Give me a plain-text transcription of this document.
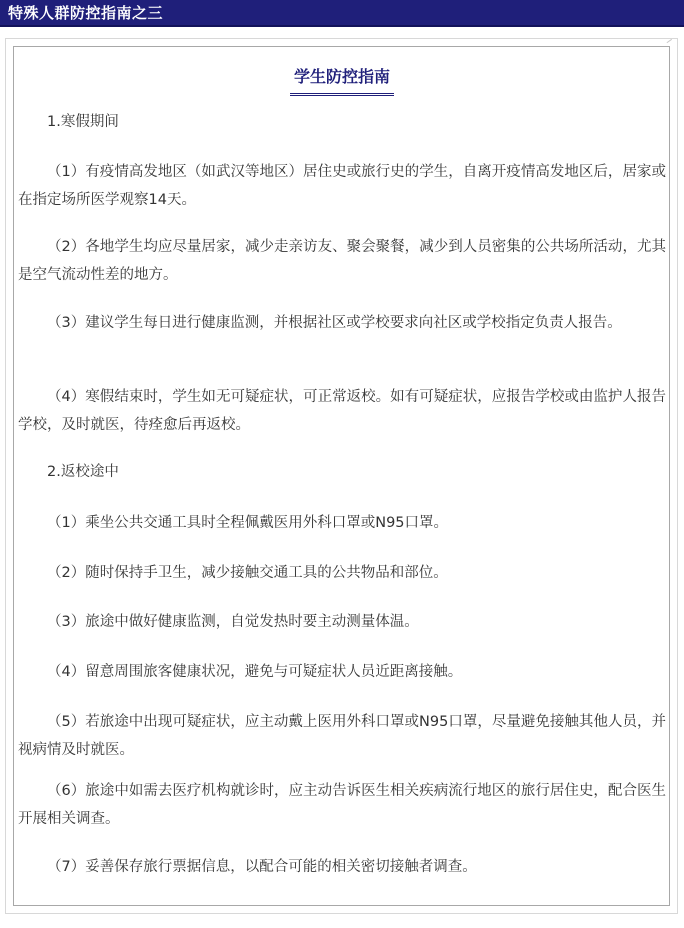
特殊人群防控指南之三
学生防控指南
1.寒假期间

（1）有疫情高发地区（如武汉等地区）居住史或旅行史的学生，自离开疫情高发地区后，居家或在指定场所医学观察14天。

（2）各地学生均应尽量居家，减少走亲访友、聚会聚餐，减少到人员密集的公共场所活动，尤其是空气流动性差的地方。

（3）建议学生每日进行健康监测，并根据社区或学校要求向社区或学校指定负责人报告。

（4）寒假结束时，学生如无可疑症状，可正常返校。如有可疑症状，应报告学校或由监护人报告学校，及时就医，待痊愈后再返校。

2.返校途中

（1）乘坐公共交通工具时全程佩戴医用外科口罩或N95口罩。

（2）随时保持手卫生，减少接触交通工具的公共物品和部位。

（3）旅途中做好健康监测，自觉发热时要主动测量体温。

（4）留意周围旅客健康状况，避免与可疑症状人员近距离接触。

（5）若旅途中出现可疑症状，应主动戴上医用外科口罩或N95口罩，尽量避免接触其他人员，并视病情及时就医。

（6）旅途中如需去医疗机构就诊时，应主动告诉医生相关疾病流行地区的旅行居住史，配合医生开展相关调查。

（7）妥善保存旅行票据信息，以配合可能的相关密切接触者调查。
